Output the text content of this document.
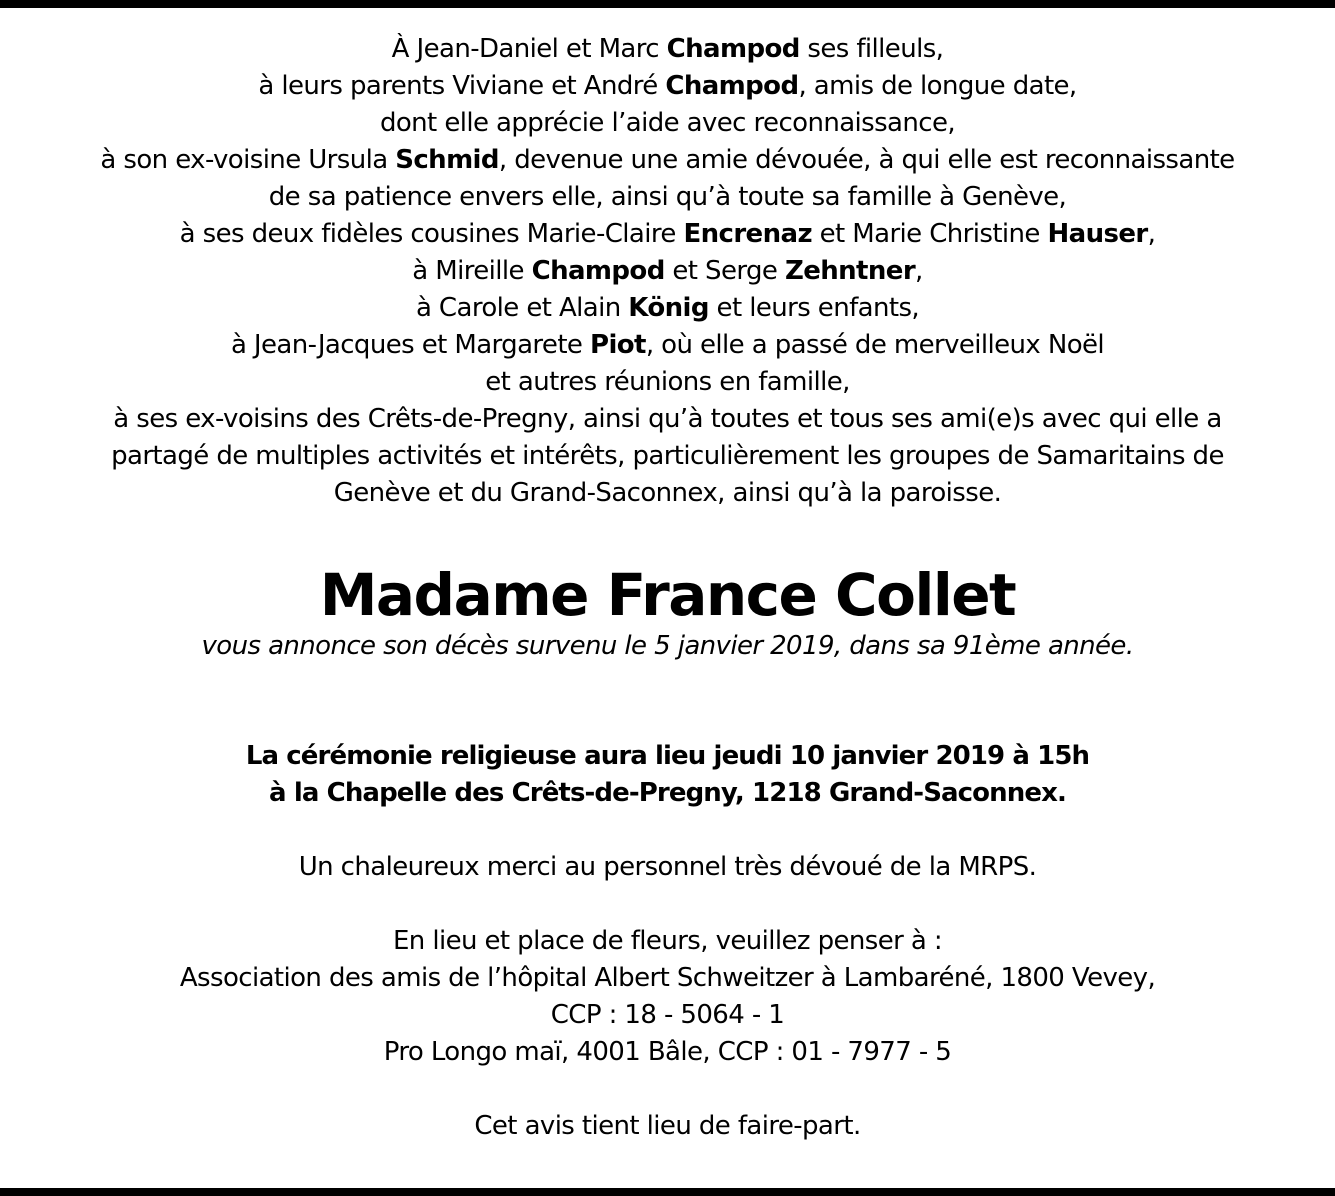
À Jean-Daniel et Marc Champod ses filleuls,
à leurs parents Viviane et André Champod, amis de longue date,
dont elle apprécie l’aide avec reconnaissance,
à son ex-voisine Ursula Schmid, devenue une amie dévouée, à qui elle est reconnaissante
de sa patience envers elle, ainsi qu’à toute sa famille à Genève,
à ses deux fidèles cousines Marie-Claire Encrenaz et Marie Christine Hauser,
à Mireille Champod et Serge Zehntner,
à Carole et Alain König et leurs enfants,
à Jean-Jacques et Margarete Piot, où elle a passé de merveilleux Noël
et autres réunions en famille,
à ses ex-voisins des Crêts-de-Pregny, ainsi qu’à toutes et tous ses ami(e)s avec qui elle a
partagé de multiples activités et intérêts, particulièrement les groupes de Samaritains de
Genève et du Grand-Saconnex, ainsi qu’à la paroisse.
Madame France Collet
vous annonce son décès survenu le 5 janvier 2019, dans sa 91ème année.
La cérémonie religieuse aura lieu jeudi 10 janvier 2019 à 15h
à la Chapelle des Crêts-de-Pregny, 1218 Grand-Saconnex.
Un chaleureux merci au personnel très dévoué de la MRPS.
En lieu et place de fleurs, veuillez penser à :
Association des amis de l’hôpital Albert Schweitzer à Lambaréné, 1800 Vevey,
CCP : 18 - 5064 - 1
Pro Longo maï, 4001 Bâle, CCP : 01 - 7977 - 5
Cet avis tient lieu de faire-part.
